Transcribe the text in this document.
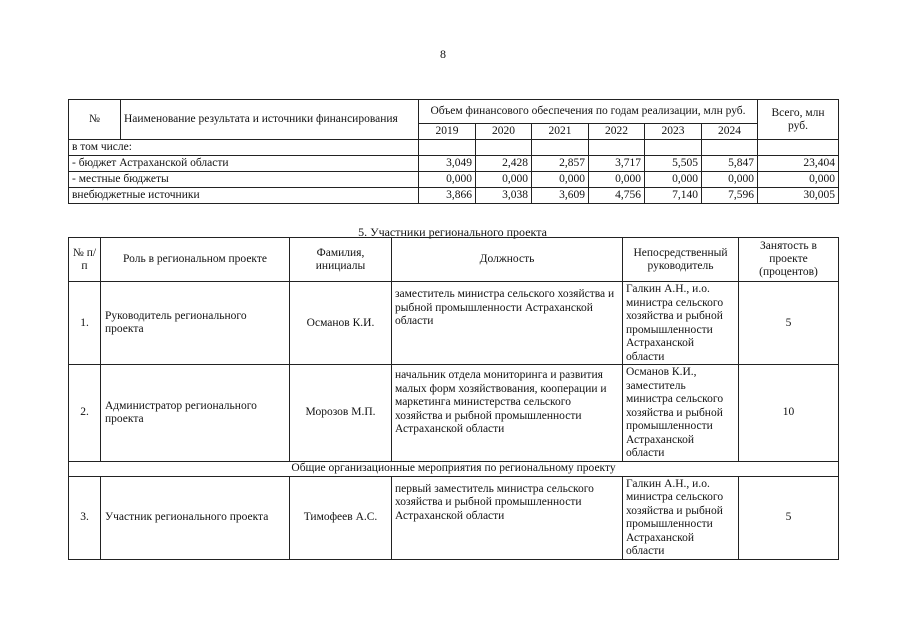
8
№	Наименование результата и источники финансирования	Объем финансового обеспечения по годам реализации, млн руб.						Всего, млн руб.
		2019	2020	2021	2022	2023	2024	
в том числе:								
- бюджет Астраханской области		3,049	2,428	2,857	3,717	5,505	5,847	23,404
- местные бюджеты		0,000	0,000	0,000	0,000	0,000	0,000	0,000
внебюджетные источники		3,866	3,038	3,609	4,756	7,140	7,596	30,005
5. Участники регионального проекта
№ п/п	Роль в региональном проекте	Фамилия, инициалы	Должность	Непосредственный руководитель	Занятость в проекте (процентов)
1.	Руководитель регионального проекта	Османов К.И.	заместитель министра сельского хозяйства и рыбной промышленности Астраханской области	Галкин А.Н., и.о. министра сельского хозяйства и рыбной промышленности Астраханской области	5
2.	Администратор регионального проекта	Морозов М.П.	начальник отдела мониторинга и развития малых форм хозяйствования, кооперации и маркетинга министерства сельского хозяйства и рыбной промышленности Астраханской области	Османов К.И., заместитель министра сельского хозяйства и рыбной промышленности Астраханской области	10
Общие организационные мероприятия по региональному проекту					
3.	Участник регионального проекта	Тимофеев А.С.	первый заместитель министра сельского хозяйства и рыбной промышленности Астраханской области	Галкин А.Н., и.о. министра сельского хозяйства и рыбной промышленности Астраханской области	5
